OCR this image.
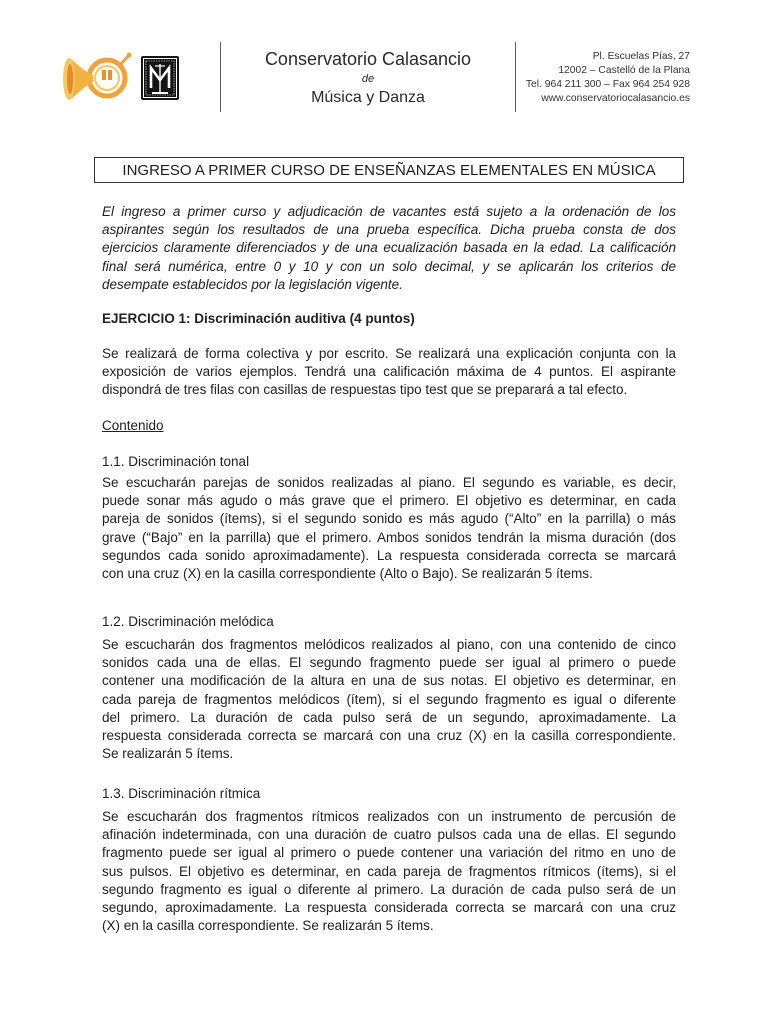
Conservatorio Calasancio
de
Música y Danza
Pl. Escuelas Pías, 27
12002 – Castelló de la Plana
Tel. 964 211 300 – Fax 964 254 928
www.conservatoriocalasancio.es
INGRESO A PRIMER CURSO DE ENSEÑANZAS ELEMENTALES EN MÚSICA
El ingreso a primer curso y adjudicación de vacantes está sujeto a la ordenación de los
aspirantes según los resultados de una prueba específica. Dicha prueba consta de dos
ejercicios claramente diferenciados y de una ecualización basada en la edad. La calificación
final será numérica, entre 0 y 10 y con un solo decimal, y se aplicarán los criterios de
desempate establecidos por la legislación vigente.
EJERCICIO 1: Discriminación auditiva (4 puntos)
Se realizará de forma colectiva y por escrito. Se realizará una explicación conjunta con la
exposición de varios ejemplos. Tendrá una calificación máxima de 4 puntos. El aspirante
dispondrá de tres filas con casillas de respuestas tipo test que se preparará a tal efecto.
Contenido
1.1. Discriminación tonal
Se escucharán parejas de sonidos realizadas al piano. El segundo es variable, es decir,
puede sonar más agudo o más grave que el primero. El objetivo es determinar, en cada
pareja de sonidos (ítems), si el segundo sonido es más agudo (“Alto” en la parrilla) o más
grave (“Bajo” en la parrilla) que el primero. Ambos sonidos tendrán la misma duración (dos
segundos cada sonido aproximadamente). La respuesta considerada correcta se marcará
con una cruz (X) en la casilla correspondiente (Alto o Bajo). Se realizarán 5 ítems.
1.2. Discriminación melódica
Se escucharán dos fragmentos melódicos realizados al piano, con una contenido de cinco
sonidos cada una de ellas. El segundo fragmento puede ser igual al primero o puede
contener una modificación de la altura en una de sus notas. El objetivo es determinar, en
cada pareja de fragmentos melódicos (ítem), si el segundo fragmento es igual o diferente
del primero. La duración de cada pulso será de un segundo, aproximadamente. La
respuesta considerada correcta se marcará con una cruz (X) en la casilla correspondiente.
Se realizarán 5 ítems.
1.3. Discriminación rítmica
Se escucharán dos fragmentos rítmicos realizados con un instrumento de percusión de
afinación indeterminada, con una duración de cuatro pulsos cada una de ellas. El segundo
fragmento puede ser igual al primero o puede contener una variación del ritmo en uno de
sus pulsos. El objetivo es determinar, en cada pareja de fragmentos rítmicos (ítems), si el
segundo fragmento es igual o diferente al primero. La duración de cada pulso será de un
segundo, aproximadamente. La respuesta considerada correcta se marcará con una cruz
(X) en la casilla correspondiente. Se realizarán 5 ítems.
